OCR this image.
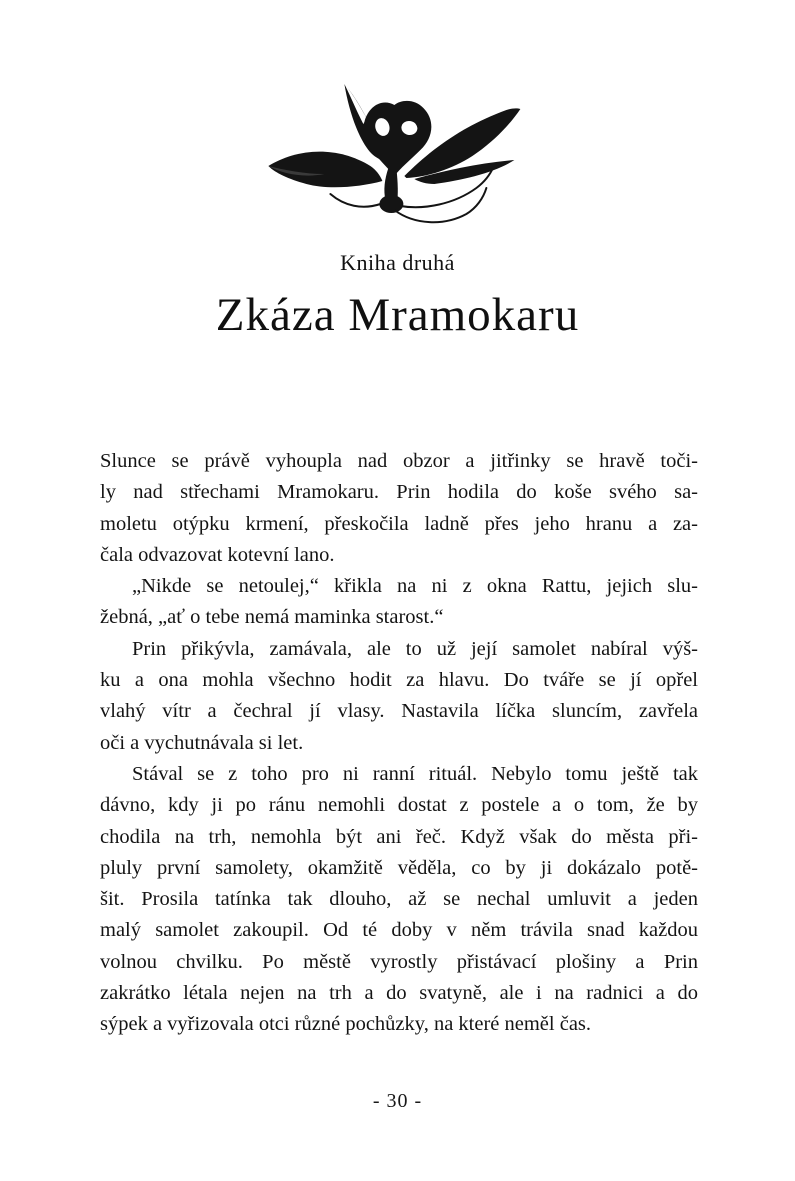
Kniha druhá
Zkáza Mramokaru
Slunce se právě vyhoupla nad obzor a jitřinky se hravě toči-
ly nad střechami Mramokaru. Prin hodila do koše svého sa-
moletu otýpku krmení, přeskočila ladně přes jeho hranu a za-
čala odvazovat kotevní lano.
„Nikde se netoulej,“ křikla na ni z okna Rattu, jejich slu-
žebná, „ať o tebe nemá maminka starost.“
Prin přikývla, zamávala, ale to už její samolet nabíral výš-
ku a ona mohla všechno hodit za hlavu. Do tváře se jí opřel
vlahý vítr a čechral jí vlasy. Nastavila líčka sluncím, zavřela
oči a vychutnávala si let.
Stával se z toho pro ni ranní rituál. Nebylo tomu ještě tak
dávno, kdy ji po ránu nemohli dostat z postele a o tom, že by
chodila na trh, nemohla být ani řeč. Když však do města při-
pluly první samolety, okamžitě věděla, co by ji dokázalo potě-
šit. Prosila tatínka tak dlouho, až se nechal umluvit a jeden
malý samolet zakoupil. Od té doby v něm trávila snad každou
volnou chvilku. Po městě vyrostly přistávací plošiny a Prin
zakrátko létala nejen na trh a do svatyně, ale i na radnici a do
sýpek a vyřizovala otci různé pochůzky, na které neměl čas.
- 30 -
